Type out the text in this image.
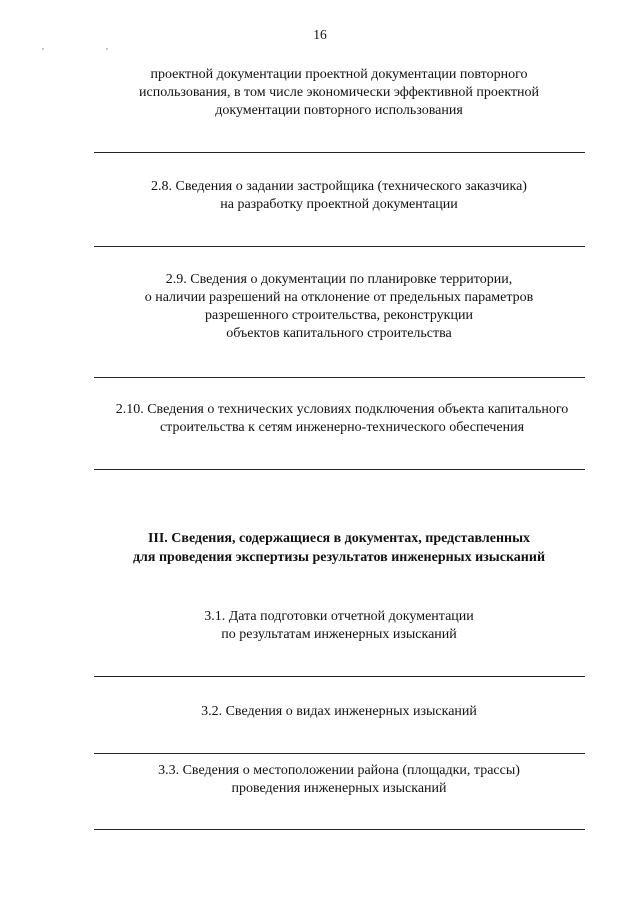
16
, ,
проектной документации проектной документации повторного
использования, в том числе экономически эффективной проектной
документации повторного использования
2.8. Сведения о задании застройщика (технического заказчика)
на разработку проектной документации
2.9. Сведения о документации по планировке территории,
о наличии разрешений на отклонение от предельных параметров
разрешенного строительства, реконструкции
объектов капитального строительства
2.10. Сведения о технических условиях подключения объекта капитального
строительства к сетям инженерно-технического обеспечения
III. Сведения, содержащиеся в документах, представленных
для проведения экспертизы результатов инженерных изысканий
3.1. Дата подготовки отчетной документации
по результатам инженерных изысканий
3.2. Сведения о видах инженерных изысканий
3.3. Сведения о местоположении района (площадки, трассы)
проведения инженерных изысканий
